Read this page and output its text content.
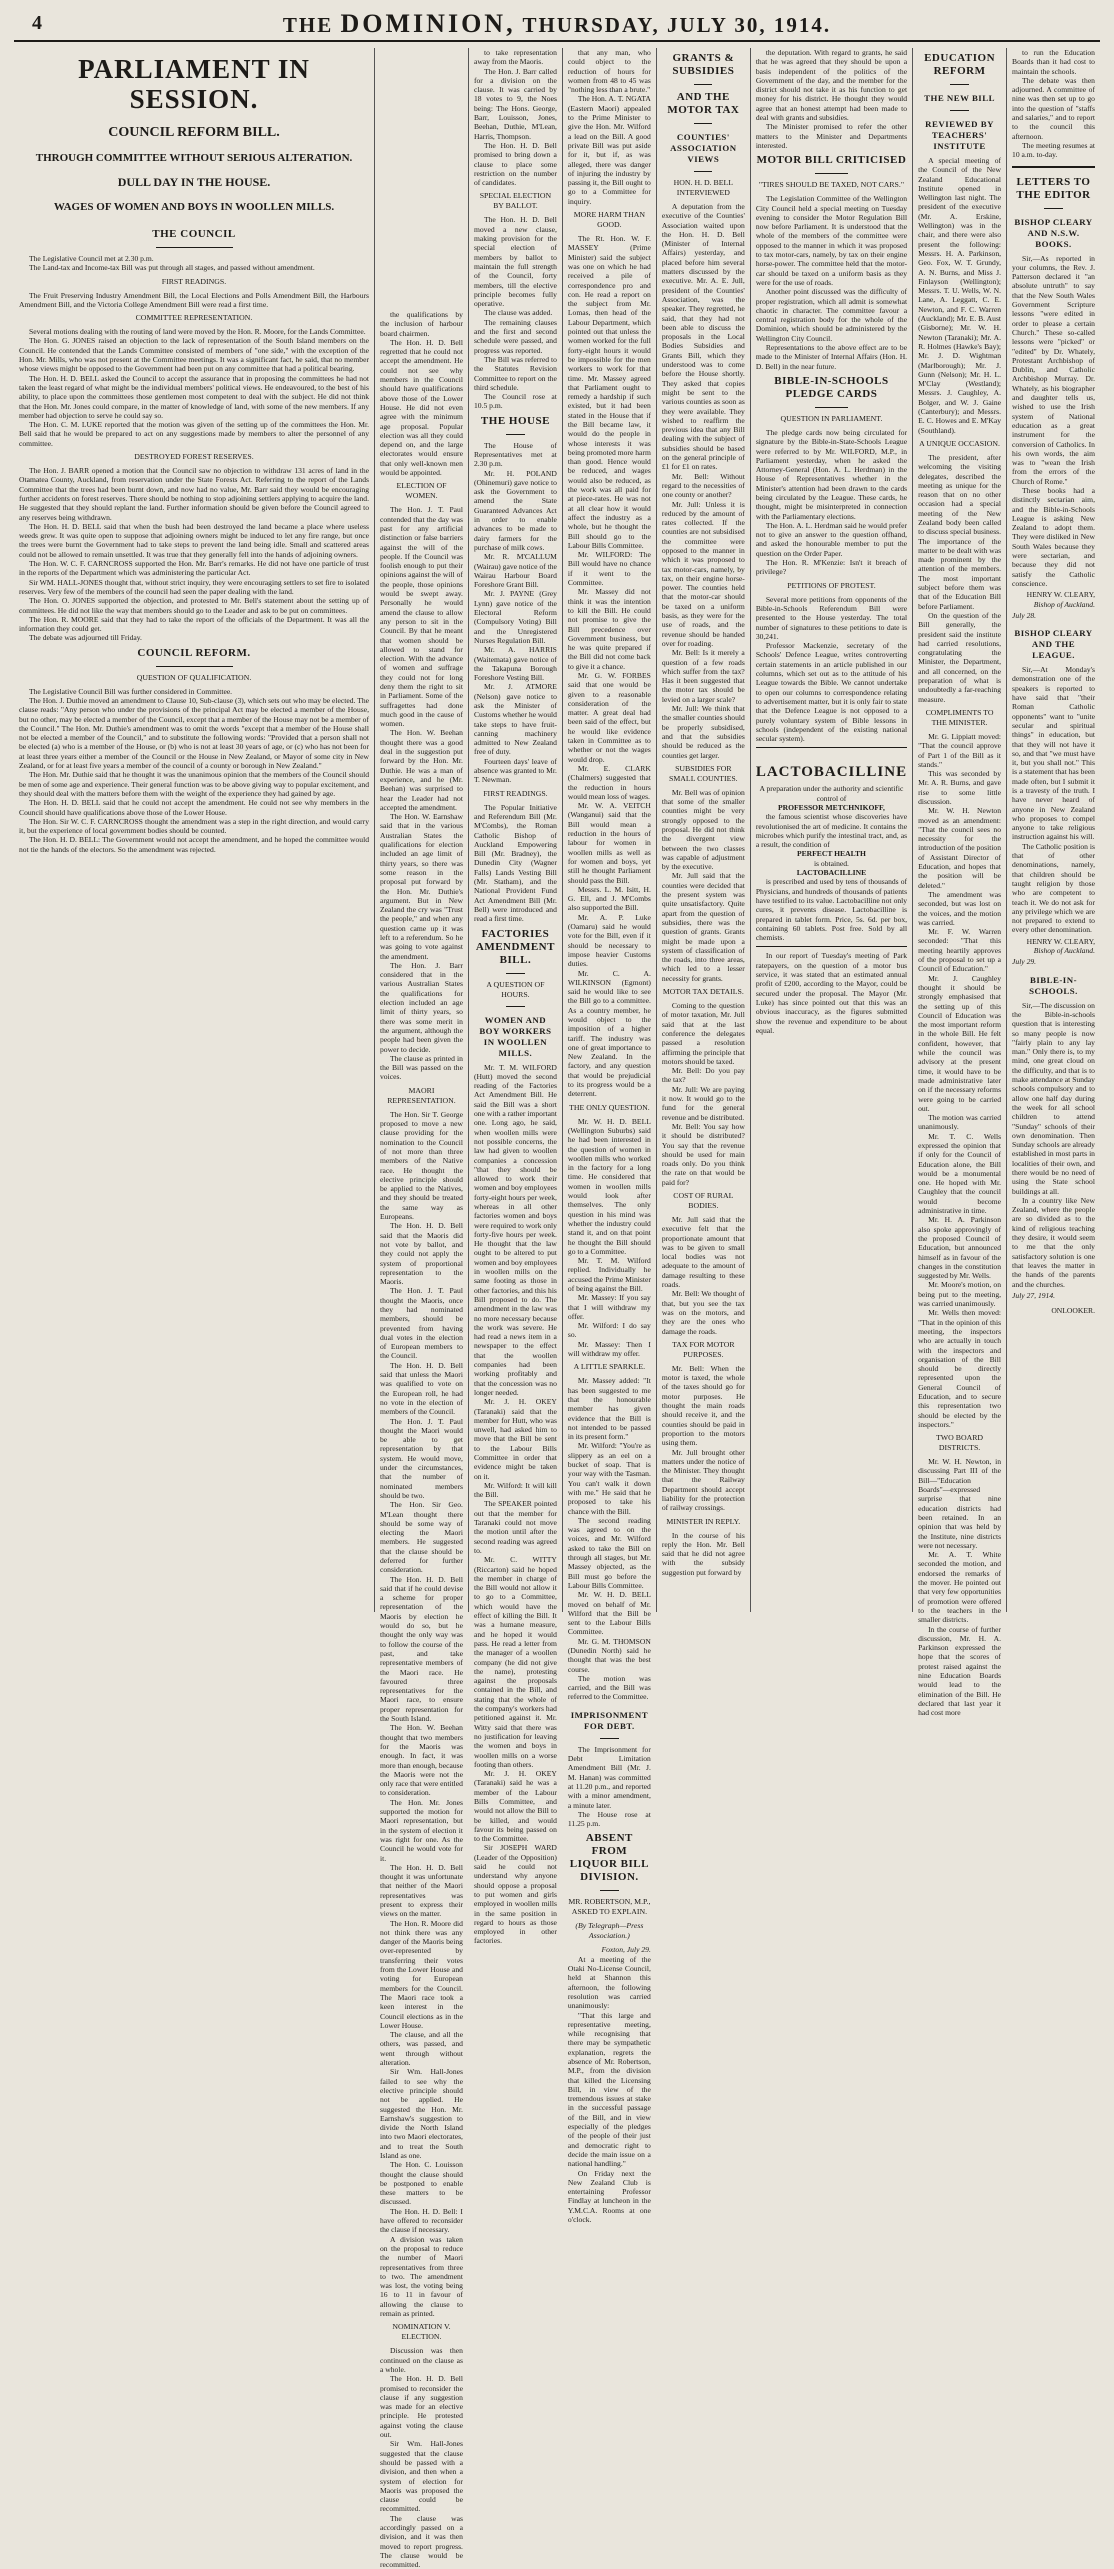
4	THE DOMINION, THURSDAY, JULY 30, 1914.
PARLIAMENT IN SESSION.
COUNCIL REFORM BILL.
THROUGH COMMITTEE WITHOUT SERIOUS ALTERATION.
DULL DAY IN THE HOUSE.
WAGES OF WOMEN AND BOYS IN WOOLLEN MILLS.
THE COUNCIL

The Legislative Council met at 2.30 p.m.

The Land-tax and Income-tax Bill was put through all stages, and passed without amendment.

FIRST READINGS.

The Fruit Preserving Industry Amendment Bill, the Local Elections and Polls Amendment Bill, the Harbours Amendment Bill, and the Victoria College Amendment Bill were read a first time.

COMMITTEE REPRESENTATION.

Several motions dealing with the routing of land were moved by the Hon. R. Moore, for the Lands Committee.

The Hon. G. JONES raised an objection to the lack of representation of the South Island members on the Council. He contended that the Lands Committee consisted of members of "one side," with the exception of the Hon. Mr. Mills, who was not present at the Committee meetings. It was a significant fact, he said, that no member whose views might be opposed to the Government had been put on any committee that had a political bearing.

The Hon. H. D. BELL asked the Council to accept the assurance that in proposing the committees he had not taken the least regard of what might be the individual members' political views. He endeavoured, to the best of his ability, to place upon the committees those gentlemen most competent to deal with the subject. He did not think that the Hon. Mr. Jones could compare, in the matter of knowledge of land, with some of the new members. If any member had objection to serve he could say so.

The Hon. C. M. LUKE reported that the motion was given of the setting up of the committees the Hon. Mr. Bell said that he would be prepared to act on any suggestions made by members to alter the personnel of any committee.

DESTROYED FOREST RESERVES.

The Hon. J. BARR opened a motion that the Council saw no objection to withdraw 131 acres of land in the Otamatea County, Auckland, from reservation under the State Forests Act. Referring to the report of the Lands Committee that the trees had been burnt down, and now had no value, Mr. Barr said they would be encouraging further accidents on forest reserves. There should be nothing to stop adjoining settlers applying to acquire the land. He suggested that they should replant the land. Further information should be given before the Council agreed to any reserves being withdrawn.

The Hon. H. D. BELL said that when the bush had been destroyed the land became a place where useless weeds grew. It was quite open to suppose that adjoining owners might be induced to let any fire range, but once the trees were burnt the Government had to take steps to prevent the land being idle. Small and scattered areas could not be allowed to remain unsettled. It was true that they generally fell into the hands of adjoining owners.

The Hon. W. C. F. CARNCROSS supported the Hon. Mr. Barr's remarks. He did not have one particle of trust in the reports of the Department which was administering the particular Act.

Sir WM. HALL-JONES thought that, without strict inquiry, they were encouraging settlers to set fire to isolated reserves. Very few of the members of the council had seen the paper dealing with the land.

The Hon. O. JONES supported the objection, and protested to Mr. Bell's statement about the setting up of committees. He did not like the way that members should go to the Leader and ask to be put on committees.

The Hon. R. MOORE said that they had to take the report of the officials of the Department. It was all the information they could get.

The debate was adjourned till Friday.

COUNCIL REFORM.
QUESTION OF QUALIFICATION.

The Legislative Council Bill was further considered in Committee.

The Hon. J. Duthie moved an amendment to Clause 10, Sub-clause (3), which sets out who may be elected. The clause reads: "Any person who under the provisions of the principal Act may be elected a member of the House, but no other, may be elected a member of the Council, except that a member of the House may not be a member of the Council." The Hon. Mr. Duthie's amendment was to omit the words "except that a member of the House shall not be elected a member of the Council," and to substitute the following words: "Provided that a person shall not be elected (a) who is a member of the House, or (b) who is not at least 30 years of age, or (c) who has not been for at least three years either a member of the Council or the House in New Zealand, or Mayor of some city in New Zealand, or for at least five years a member of the council of a county or borough in New Zealand."

The Hon. Mr. Duthie said that he thought it was the unanimous opinion that the members of the Council should be men of some age and experience. Their general function was to be above giving way to popular excitement, and they should deal with the matters before them with the weight of the experience they had gained by age.

The Hon. H. D. BELL said that he could not accept the amendment. He could not see why members in the Council should have qualifications above those of the Lower House.

The Hon. Sir W. C. F. CARNCROSS thought the amendment was a step in the right direction, and would carry it, but the experience of local government bodies should be counted.

The Hon. H. D. BELL: The Government would not accept the amendment, and he hoped the committee would not tie the hands of the electors. So the amendment was rejected.

the qualifications by the inclusion of harbour board chairmen.

The Hon. H. D. Bell regretted that he could not accept the amendment. He could not see why members in the Council should have qualifications above those of the Lower House. He did not even agree with the minimum age proposal. Popular election was all they could depend on, and the large electorates would ensure that only well-known men would be appointed.

ELECTION OF WOMEN.

The Hon. J. T. Paul contended that the day was past for any artificial distinction or false barriers against the will of the people. If the Council was foolish enough to put their opinions against the will of the people, those opinions would be swept away. Personally he would amend the clause to allow any person to sit in the Council. By that he meant that women should be allowed to stand for election. With the advance of women and suffrage they could not for long deny them the right to sit in Parliament. Some of the suffragettes had done much good in the cause of women.

The Hon. W. Beehan thought there was a good deal in the suggestion put forward by the Hon. Mr. Duthie. He was a man of experience, and he (Mr. Beehan) was surprised to hear the Leader had not accepted the amendment.

The Hon. W. Earnshaw said that in the various Australian States the qualifications for election included an age limit of thirty years, so there was some reason in the proposal put forward by the Hon. Mr. Duthie's argument. But in New Zealand the cry was "Trust the people," and when any question came up it was left to a referendum. So he was going to vote against the amendment.

The Hon. J. Barr considered that in the various Australian States the qualifications for election included an age limit of thirty years, so there was some merit in the argument, although the people had been given the power to decide.

The clause as printed in the Bill was passed on the voices.

MAORI REPRESENTATION.

The Hon. Sir T. George proposed to move a new clause providing for the nomination to the Council of not more than three members of the Native race. He thought the elective principle should be applied to the Natives, and they should be treated the same way as Europeans.

The Hon. H. D. Bell said that the Maoris did not vote by ballot, and they could not apply the system of proportional representation to the Maoris.

The Hon. J. T. Paul thought the Maoris, once they had nominated members, should be prevented from having dual votes in the election of European members to the Council.

The Hon. H. D. Bell said that unless the Maori was qualified to vote on the European roll, he had no vote in the election of members of the Council.

The Hon. J. T. Paul thought the Maori would be able to get representation by that system. He would move, under the circumstances, that the number of nominated members should be two.

The Hon. Sir Geo. M'Lean thought there should be some way of electing the Maori members. He suggested that the clause should be deferred for further consideration.

The Hon. H. D. Bell said that if he could devise a scheme for proper representation of the Maoris by election he would do so, but he thought the only way was to follow the course of the past, and take representative members of the Maori race. He favoured three representatives for the Maori race, to ensure proper representation for the South Island.

The Hon. W. Beehan thought that two members for the Maoris was enough. In fact, it was more than enough, because the Maoris were not the only race that were entitled to consideration.

The Hon. Mr. Jones supported the motion for Maori representation, but in the system of election it was right for one. As the Council he would vote for it.

The Hon. H. D. Bell thought it was unfortunate that neither of the Maori representatives was present to express their views on the matter.

The Hon. R. Moore did not think there was any danger of the Maoris being over-represented by transferring their votes from the Lower House and voting for European members for the Council. The Maori race took a keen interest in the Council elections as in the Lower House.

The clause, and all the others, was passed, and went through without alteration.

Sir Wm. Hall-Jones failed to see why the elective principle should not be applied. He suggested the Hon. Mr. Earnshaw's suggestion to divide the North Island into two Maori electorates, and to treat the South Island as one.

The Hon. C. Louisson thought the clause should be postponed to enable these matters to be discussed.

The Hon. H. D. Bell: I have offered to reconsider the clause if necessary.

A division was taken on the proposal to reduce the number of Maori representatives from three to two. The amendment was lost, the voting being 16 to 11 in favour of allowing the clause to remain as printed.

NOMINATION V. ELECTION.

Discussion was then continued on the clause as a whole.

The Hon. H. D. Bell promised to reconsider the clause if any suggestion was made for an elective principle. He protested against voting the clause out.

Sir Wm. Hall-Jones suggested that the clause should be passed with a division, and then when a system of election for Maoris was proposed the clause could be recommitted.

The clause was accordingly passed on a division, and it was then moved to report progress. The clause would be recommitted.

to take representation away from the Maoris.

The Hon. J. Barr called for a division on the clause. It was carried by 18 votes to 9, the Noes being: The Hons. George, Barr, Louisson, Jones, Beehan, Duthie, M'Lean, Harris, Thompson.

The Hon. H. D. Bell promised to bring down a clause to place some restriction on the number of candidates.

SPECIAL ELECTION BY BALLOT.

The Hon. H. D. Bell moved a new clause, making provision for the special election of members by ballot to maintain the full strength of the Council, forty members, till the elective principle becomes fully operative.

The clause was added.

The remaining clauses and the first and second schedule were passed, and progress was reported.

The Bill was referred to the Statutes Revision Committee to report on the third schedule.

The Council rose at 10.5 p.m.

THE HOUSE

The House of Representatives met at 2.30 p.m.

Mr. H. POLAND (Ohinemuri) gave notice to ask the Government to amend the State Guaranteed Advances Act in order to enable advances to be made to dairy farmers for the purchase of milk cows.

Mr. R. M'CALLUM (Wairau) gave notice of the Wairau Harbour Board Foreshore Grant Bill.

Mr. J. PAYNE (Grey Lynn) gave notice of the Electoral Reform (Compulsory Voting) Bill and the Unregistered Nurses Regulation Bill.

Mr. A. HARRIS (Waitemata) gave notice of the Takapuna Borough Foreshore Vesting Bill.

Mr. J. ATMORE (Nelson) gave notice to ask the Minister of Customs whether he would take steps to have fruit-canning machinery admitted to New Zealand free of duty.

Fourteen days' leave of absence was granted to Mr. T. Newman.

FIRST READINGS.

The Popular Initiative and Referendum Bill (Mr. M'Combs), the Roman Catholic Bishop of Auckland Empowering Bill (Mr. Bradney), the Dunedin City (Wagner Falls) Lands Vesting Bill (Mr. Statham), and the National Provident Fund Act Amendment Bill (Mr. Bell) were introduced and read a first time.

FACTORIES AMENDMENT BILL.
A QUESTION OF HOURS.
WOMEN AND BOY WORKERS IN WOOLLEN MILLS.

Mr. T. M. WILFORD (Hutt) moved the second reading of the Factories Act Amendment Bill. He said the Bill was a short one with a rather important one. Long ago, he said, when woollen mills were not possible concerns, the law had given to woollen companies a concession "that they should be allowed to work their women and boy employees forty-eight hours per week, whereas in all other factories women and boys were required to work only forty-five hours per week. He thought that the law ought to be altered to put women and boy employees in woollen mills on the same footing as those in other factories, and this his Bill proposed to do. The amendment in the law was no more necessary because the work was severe. He had read a news item in a newspaper to the effect that the woollen companies had been working profitably and that the concession was no longer needed.

Mr. J. H. OKEY (Taranaki) said that the member for Hutt, who was unwell, had asked him to move that the Bill be sent to the Labour Bills Committee in order that evidence might be taken on it.

Mr. Wilford: It will kill the Bill.

The SPEAKER pointed out that the member for Taranaki could not move the motion until after the second reading was agreed to.

Mr. C. WITTY (Riccarton) said he hoped the member in charge of the Bill would not allow it to go to a Committee, which would have the effect of killing the Bill. It was a humane measure, and he hoped it would pass. He read a letter from the manager of a woollen company (he did not give the name), protesting against the proposals contained in the Bill, and stating that the whole of the company's workers had petitioned against it. Mr. Witty said that there was no justification for leaving the women and boys in woollen mills on a worse footing than others.

Mr. J. H. OKEY (Taranaki) said he was a member of the Labour Bills Committee, and would not allow the Bill to be killed, and would favour its being passed on to the Committee.

Sir JOSEPH WARD (Leader of the Opposition) said he could not understand why anyone should oppose a proposal to put women and girls employed in woollen mills in the same position in regard to hours as those employed in other factories.

that any man, who could object to the reduction of hours for women from 48 to 45 was "nothing less than a brute."

The Hon. A. T. NGATA (Eastern Maori) appealed to the Prime Minister to give the Hon. Mr. Wilford a lead on the Bill. A good private Bill was put aside for it, but if, as was alleged, there was danger of injuring the industry by passing it, the Bill ought to go to a Committee for inquiry.

MORE HARM THAN GOOD.

The Rt. Hon. W. F. MASSEY (Prime Minister) said the subject was one on which he had received a pile of correspondence pro and con. He read a report on the subject from Mr. Lomas, then head of the Labour Department, which pointed out that unless the women worked for the full forty-eight hours it would be impossible for the men workers to work for that time. Mr. Massey agreed that Parliament ought to remedy a hardship if such existed, but it had been stated in the House that if the Bill became law, it would do the people in whose interests it was being promoted more harm than good. Hence would be reduced, and wages would also be reduced, as the work was all paid for at piece-rates. He was not at all clear how it would affect the industry as a whole, but he thought the Bill should go to the Labour Bills Committee.

Mr. WILFORD: The Bill would have no chance if it went to the Committee.

Mr. Massey did not think it was the intention to kill the Bill. He could not promise to give the Bill precedence over Government business, but he was quite prepared if the Bill did not come back to give it a chance.

Mr. G. W. FORBES said that one would be given to a reasonable consideration of the matter. A great deal had been said of the effect, but he would like evidence taken in Committee as to whether or not the wages would drop.

Mr. E. CLARK (Chalmers) suggested that the reduction in hours would mean loss of wages.

Mr. W. A. VEITCH (Wanganui) said that the Bill would mean a reduction in the hours of labour for women in woollen mills as well as for women and boys, yet still he thought Parliament should pass the Bill.

Messrs. L. M. Isitt, H. G. Ell, and J. M'Combs also supported the Bill.

Mr. A. P. Luke (Oamaru) said he would vote for the Bill, even if it should be necessary to impose heavier Customs duties.

Mr. C. A. WILKINSON (Egmont) said he would like to see the Bill go to a committee. As a country member, he would object to the imposition of a higher tariff. The industry was one of great importance to New Zealand. In the factory, and any question that would be prejudicial to its progress would be a deterrent.

THE ONLY QUESTION.

Mr. W. H. D. BELL (Wellington Suburbs) said he had been interested in the question of women in woollen mills who worked in the factory for a long time. He considered that women in woollen mills would look after themselves. The only question in his mind was whether the industry could stand it, and on that point he thought the Bill should go to a Committee.

Mr. T. M. Wilford replied. Individually he accused the Prime Minister of being against the Bill.

Mr. Massey: If you say that I will withdraw my offer.

Mr. Wilford: I do say so.

Mr. Massey: Then I will withdraw my offer.

A LITTLE SPARKLE.

Mr. Massey added: "It has been suggested to me that the honourable member has given evidence that the Bill is not intended to be passed in its present form."

Mr. Wilford: "You're as slippery as an eel on a bucket of soap. That is your way with the Tasman. You can't walk it down with me." He said that he proposed to take his chance with the Bill.

The second reading was agreed to on the voices, and Mr. Wilford asked to take the Bill on through all stages, but Mr. Massey objected, as the Bill must go before the Labour Bills Committee.

Mr. W. H. D. BELL moved on behalf of Mr. Wilford that the Bill be sent to the Labour Bills Committee.

Mr. G. M. THOMSON (Dunedin North) said he thought that was the best course.

The motion was carried, and the Bill was referred to the Committee.

IMPRISONMENT FOR DEBT.

The Imprisonment for Debt Limitation Amendment Bill (Mr. J. M. Hanan) was committed at 11.20 p.m., and reported with a minor amendment, a minute later.

The House rose at 11.25 p.m.

ABSENT FROM LIQUOR BILL DIVISION.
MR. ROBERTSON, M.P., ASKED TO EXPLAIN.
(By Telegraph—Press Association.)
Foxton, July 29.

At a meeting of the Otaki No-License Council, held at Shannon this afternoon, the following resolution was carried unanimously:

"That this large and representative meeting, while recognising that there may be sympathetic explanation, regrets the absence of Mr. Robertson, M.P., from the division that killed the Licensing Bill, in view of the tremendous issues at stake in the successful passage of the Bill, and in view especially of the pledges of the people of their just and democratic right to decide the main issue on a national handling."

On Friday next the New Zealand Club is entertaining Professor Findlay at luncheon in the Y.M.C.A. Rooms at one o'clock.

GRANTS & SUBSIDIES
AND THE MOTOR TAX
COUNTIES' ASSOCIATION VIEWS
HON. H. D. BELL INTERVIEWED

A deputation from the executive of the Counties' Association waited upon the Hon. H. D. Bell (Minister of Internal Affairs) yesterday, and placed before him several matters discussed by the executive. Mr. A. E. Jull, president of the Counties' Association, was the speaker. They regretted, he said, that they had not been able to discuss the proposals in the Local Bodies Subsidies and Grants Bill, which they understood was to come before the House shortly. They asked that copies might be sent to the various counties as soon as they were available. They wished to reaffirm the previous idea that any Bill dealing with the subject of subsidies should be based on the general principle of £1 for £1 on rates.

Mr. Bell: Without regard to the necessities of one county or another?

Mr. Jull: Unless it is reduced by the amount of rates collected. If the counties are not subsidised the committee were opposed to the manner in which it was proposed to tax motor-cars, namely, by tax, on their engine horse-power. The counties held that the motor-car should be taxed on a uniform basis, as they were for the use of roads, and the revenue should be handed over for roading.

Mr. Bell: Is it merely a question of a few roads which suffer from the tax? Has it been suggested that the motor tax should be levied on a larger scale?

Mr. Jull: We think that the smaller counties should be properly subsidised, and that the subsidies should be reduced as the counties get larger.

SUBSIDIES FOR SMALL COUNTIES.

Mr. Bell was of opinion that some of the smaller counties might be very strongly opposed to the proposal. He did not think the divergent view between the two classes was capable of adjustment by the executive.

Mr. Jull said that the counties were decided that the present system was quite unsatisfactory. Quite apart from the question of subsidies, there was the question of grants. Grants might be made upon a system of classification of the roads, into three areas, which led to a lesser necessity for grants.

MOTOR TAX DETAILS.

Coming to the question of motor taxation, Mr. Jull said that at the last conference the delegates passed a resolution affirming the principle that motors should be taxed.

Mr. Bell: Do you pay the tax?

Mr. Jull: We are paying it now. It would go to the fund for the general revenue and be distributed.

Mr. Bell: You say how it should be distributed? You say that the revenue should be used for main roads only. Do you think the rate on that would be paid for?

COST OF RURAL BODIES.

Mr. Jull said that the executive felt that the proportionate amount that was to be given to small local bodies was not adequate to the amount of damage resulting to these roads.

Mr. Bell: We thought of that, but you see the tax was on the motors, and they are the ones who damage the roads.

TAX FOR MOTOR PURPOSES.

Mr. Bell: When the motor is taxed, the whole of the taxes should go for motor purposes. He thought the main roads should receive it, and the counties should be paid in proportion to the motors using them.

Mr. Jull brought other matters under the notice of the Minister. They thought that the Railway Department should accept liability for the protection of railway crossings.

MINISTER IN REPLY.

In the course of his reply the Hon. Mr. Bell said that he did not agree with the subsidy suggestion put forward by

the deputation. With regard to grants, he said that he was agreed that they should be upon a basis independent of the politics of the Government of the day, and the member for the district should not take it as his function to get money for his district. He thought they would agree that an honest attempt had been made to deal with grants and subsidies.

The Minister promised to refer the other matters to the Minister and Departments interested.

MOTOR BILL CRITICISED
"TIRES SHOULD BE TAXED, NOT CARS."

The Legislation Committee of the Wellington City Council held a special meeting on Tuesday evening to consider the Motor Regulation Bill now before Parliament. It is understood that the whole of the members of the committee were opposed to the manner in which it was proposed to tax motor-cars, namely, by tax on their engine horse-power. The committee held that the motor-car should be taxed on a uniform basis as they were for the use of roads.

Another point discussed was the difficulty of proper registration, which all admit is somewhat chaotic in character. The committee favour a central registration body for the whole of the Dominion, which should be administered by the Wellington City Council.

Representations to the above effect are to be made to the Minister of Internal Affairs (Hon. H. D. Bell) in the near future.

BIBLE-IN-SCHOOLS PLEDGE CARDS
QUESTION IN PARLIAMENT.

The pledge cards now being circulated for signature by the Bible-in-State-Schools League were referred to by Mr. WILFORD, M.P., in Parliament yesterday, when he asked the Attorney-General (Hon. A. L. Herdman) in the House of Representatives whether in the Minister's attention had been drawn to the cards being circulated by the League. These cards, he thought, might be misinterpreted in connection with the Parliamentary elections.

The Hon. A. L. Herdman said he would prefer not to give an answer to the question offhand, and asked the honourable member to put the question on the Order Paper.

The Hon. R. M'Kenzie: Isn't it breach of privilege?

PETITIONS OF PROTEST.

Several more petitions from opponents of the Bible-in-Schools Referendum Bill were presented to the House yesterday. The total number of signatures to these petitions to date is 30,241.

Professor Mackenzie, secretary of the Schools' Defence League, writes controverting certain statements in an article published in our columns, which set out as to the attitude of his League towards the Bible. We cannot undertake to open our columns to correspondence relating to advertisement matter, but it is only fair to state that the Defence League is not opposed to a purely voluntary system of Bible lessons in schools (independent of the existing national secular system).

LACTOBACILLINE

A preparation under the authority and scientific control of

PROFESSOR METCHNIKOFF,

the famous scientist whose discoveries have revolutionised the art of medicine. It contains the microbes which purify the intestinal tract, and, as a result, the condition of

PERFECT HEALTH

is obtained.

LACTOBACILLINE

is prescribed and used by tens of thousands of Physicians, and hundreds of thousands of patients have testified to its value. Lactobacilline not only cures, it prevents disease. Lactobacilline is prepared in tablet form. Price, 5s. 6d. per box, containing 60 tablets. Post free. Sold by all chemists.

In our report of Tuesday's meeting of Park ratepayers, on the question of a motor bus service, it was stated that an estimated annual profit of £200, according to the Mayor, could be secured under the proposal. The Mayor (Mr. Luke) has since pointed out that this was an obvious inaccuracy, as the figures submitted show the revenue and expenditure to be about equal.

EDUCATION REFORM
THE NEW BILL
REVIEWED BY TEACHERS' INSTITUTE

A special meeting of the Council of the New Zealand Educational Institute opened in Wellington last night. The president of the executive (Mr. A. Erskine, Wellington) was in the chair, and there were also present the following: Messrs. H. A. Parkinson, Geo. Fox, W. T. Grundy, A. N. Burns, and Miss J. Finlayson (Wellington); Messrs. T. U. Wells, W. N. Lane, A. Leggatt, C. E. Newton, and F. C. Warren (Auckland); Mr. E. B. Aust (Gisborne); Mr. W. H. Newton (Taranaki); Mr. A. R. Holmes (Hawke's Bay); Mr. J. D. Wightman (Marlborough); Mr. J. Gunn (Nelson); Mr. H. L. M'Clay (Westland); Messrs. J. Caughley, A. Bolger, and W. J. Gaine (Canterbury); and Messrs. E. C. Howes and E. M'Kay (Southland).

A UNIQUE OCCASION.

The president, after welcoming the visiting delegates, described the meeting as unique for the reason that on no other occasion had a special meeting of the New Zealand body been called to discuss special business. The importance of the matter to be dealt with was made prominent by the attention of the members. The most important subject before them was that of the Education Bill before Parliament.

On the question of the Bill generally, the president said the institute had carried resolutions, congratulating the Minister, the Department, and all concerned, on the preparation of what is undoubtedly a far-reaching measure.

COMPLIMENTS TO THE MINISTER.

Mr. G. Lippiatt moved: "That the council approve of Part 1 of the Bill as it stands."

This was seconded by Mr. A. R. Burns, and gave rise to some little discussion.

Mr. W. H. Newton moved as an amendment: "That the council sees no necessity for the introduction of the position of Assistant Director of Education, and hopes that the position will be deleted."

The amendment was seconded, but was lost on the voices, and the motion was carried.

Mr. F. W. Warren seconded: "That this meeting heartily approves of the proposal to set up a Council of Education."

Mr. J. Caughley thought it should be strongly emphasised that the setting up of this Council of Education was the most important reform in the whole Bill. He felt confident, however, that while the council was advisory at the present time, it would have to be made administrative later on if the necessary reforms were going to be carried out.

The motion was carried unanimously.

Mr. T. C. Wells expressed the opinion that if only for the Council of Education alone, the Bill would be a monumental one. He hoped with Mr. Caughley that the council would become administrative in time.

Mr. H. A. Parkinson also spoke approvingly of the proposed Council of Education, but announced himself as in favour of the changes in the constitution suggested by Mr. Wells.

Mr. Moore's motion, on being put to the meeting, was carried unanimously.

Mr. Wells then moved: "That in the opinion of this meeting, the inspectors who are actually in touch with the inspectors and organisation of the Bill should be directly represented upon the General Council of Education, and to secure this representation two should be elected by the inspectors."

TWO BOARD DISTRICTS.

Mr. W. H. Newton, in discussing Part III of the Bill—"Education Boards"—expressed surprise that nine education districts had been retained. In an opinion that was held by the Institute, nine districts were not necessary.

Mr. A. T. White seconded the motion, and endorsed the remarks of the mover. He pointed out that very few opportunities of promotion were offered to the teachers in the smaller districts.

In the course of further discussion, Mr. H. A. Parkinson expressed the hope that the scores of protest raised against the nine Education Boards would lead to the elimination of the Bill. He declared that last year it had cost more

to run the Education Boards than it had cost to maintain the schools.

The debate was then adjourned. A committee of nine was then set up to go into the question of "staffs and salaries," and to report to the council this afternoon.

The meeting resumes at 10 a.m. to-day.

LETTERS TO THE EDITOR
BISHOP CLEARY AND N.S.W. BOOKS.

Sir,—As reported in your columns, the Rev. J. Patterson declared it "an absolute untruth" to say that the New South Wales Government Scripture lessons "were edited in order to please a certain Church." These so-called lessons were "picked" or "edited" by Dr. Whately, Protestant Archbishop of Dublin, and Catholic Archbishop Murray. Dr. Whately, as his biographer and daughter tells us, wished to use the Irish system of National education as a great instrument for the conversion of Catholics. In his own words, the aim was to "wean the Irish from the errors of the Church of Rome."

These books had a distinctly sectarian aim, and the Bible-in-Schools League is asking New Zealand to adopt them. They were disliked in New South Wales because they were sectarian, and because they did not satisfy the Catholic conscience.

HENRY W. CLEARY,
Bishop of Auckland.
July 28.
BISHOP CLEARY AND THE LEAGUE.

Sir,—At Monday's demonstration one of the speakers is reported to have said that "their Roman Catholic opponents" want to "unite secular and spiritual things" in education, but that they will not have it so, and that "we must have it, but you shall not." This is a statement that has been made often, but I submit it is a travesty of the truth. I have never heard of anyone in New Zealand who proposes to compel anyone to take religious instruction against his will.

The Catholic position is that of other denominations, namely, that children should be taught religion by those who are competent to teach it. We do not ask for any privilege which we are not prepared to extend to every other denomination.

HENRY W. CLEARY,
Bishop of Auckland.
July 29.
BIBLE-IN-SCHOOLS.

Sir,—The discussion on the Bible-in-schools question that is interesting so many people is now "fairly plain to any lay man." Only there is, to my mind, one great cloud on the difficulty, and that is to make attendance at Sunday schools compulsory and to allow one half day during the week for all school children to attend "Sunday" schools of their own denomination. Then Sunday schools are already established in most parts in localities of their own, and there would be no need of using the State school buildings at all.

In a country like New Zealand, where the people are so divided as to the kind of religious teaching they desire, it would seem to me that the only satisfactory solution is one that leaves the matter in the hands of the parents and the churches.

July 27, 1914.
ONLOOKER.
